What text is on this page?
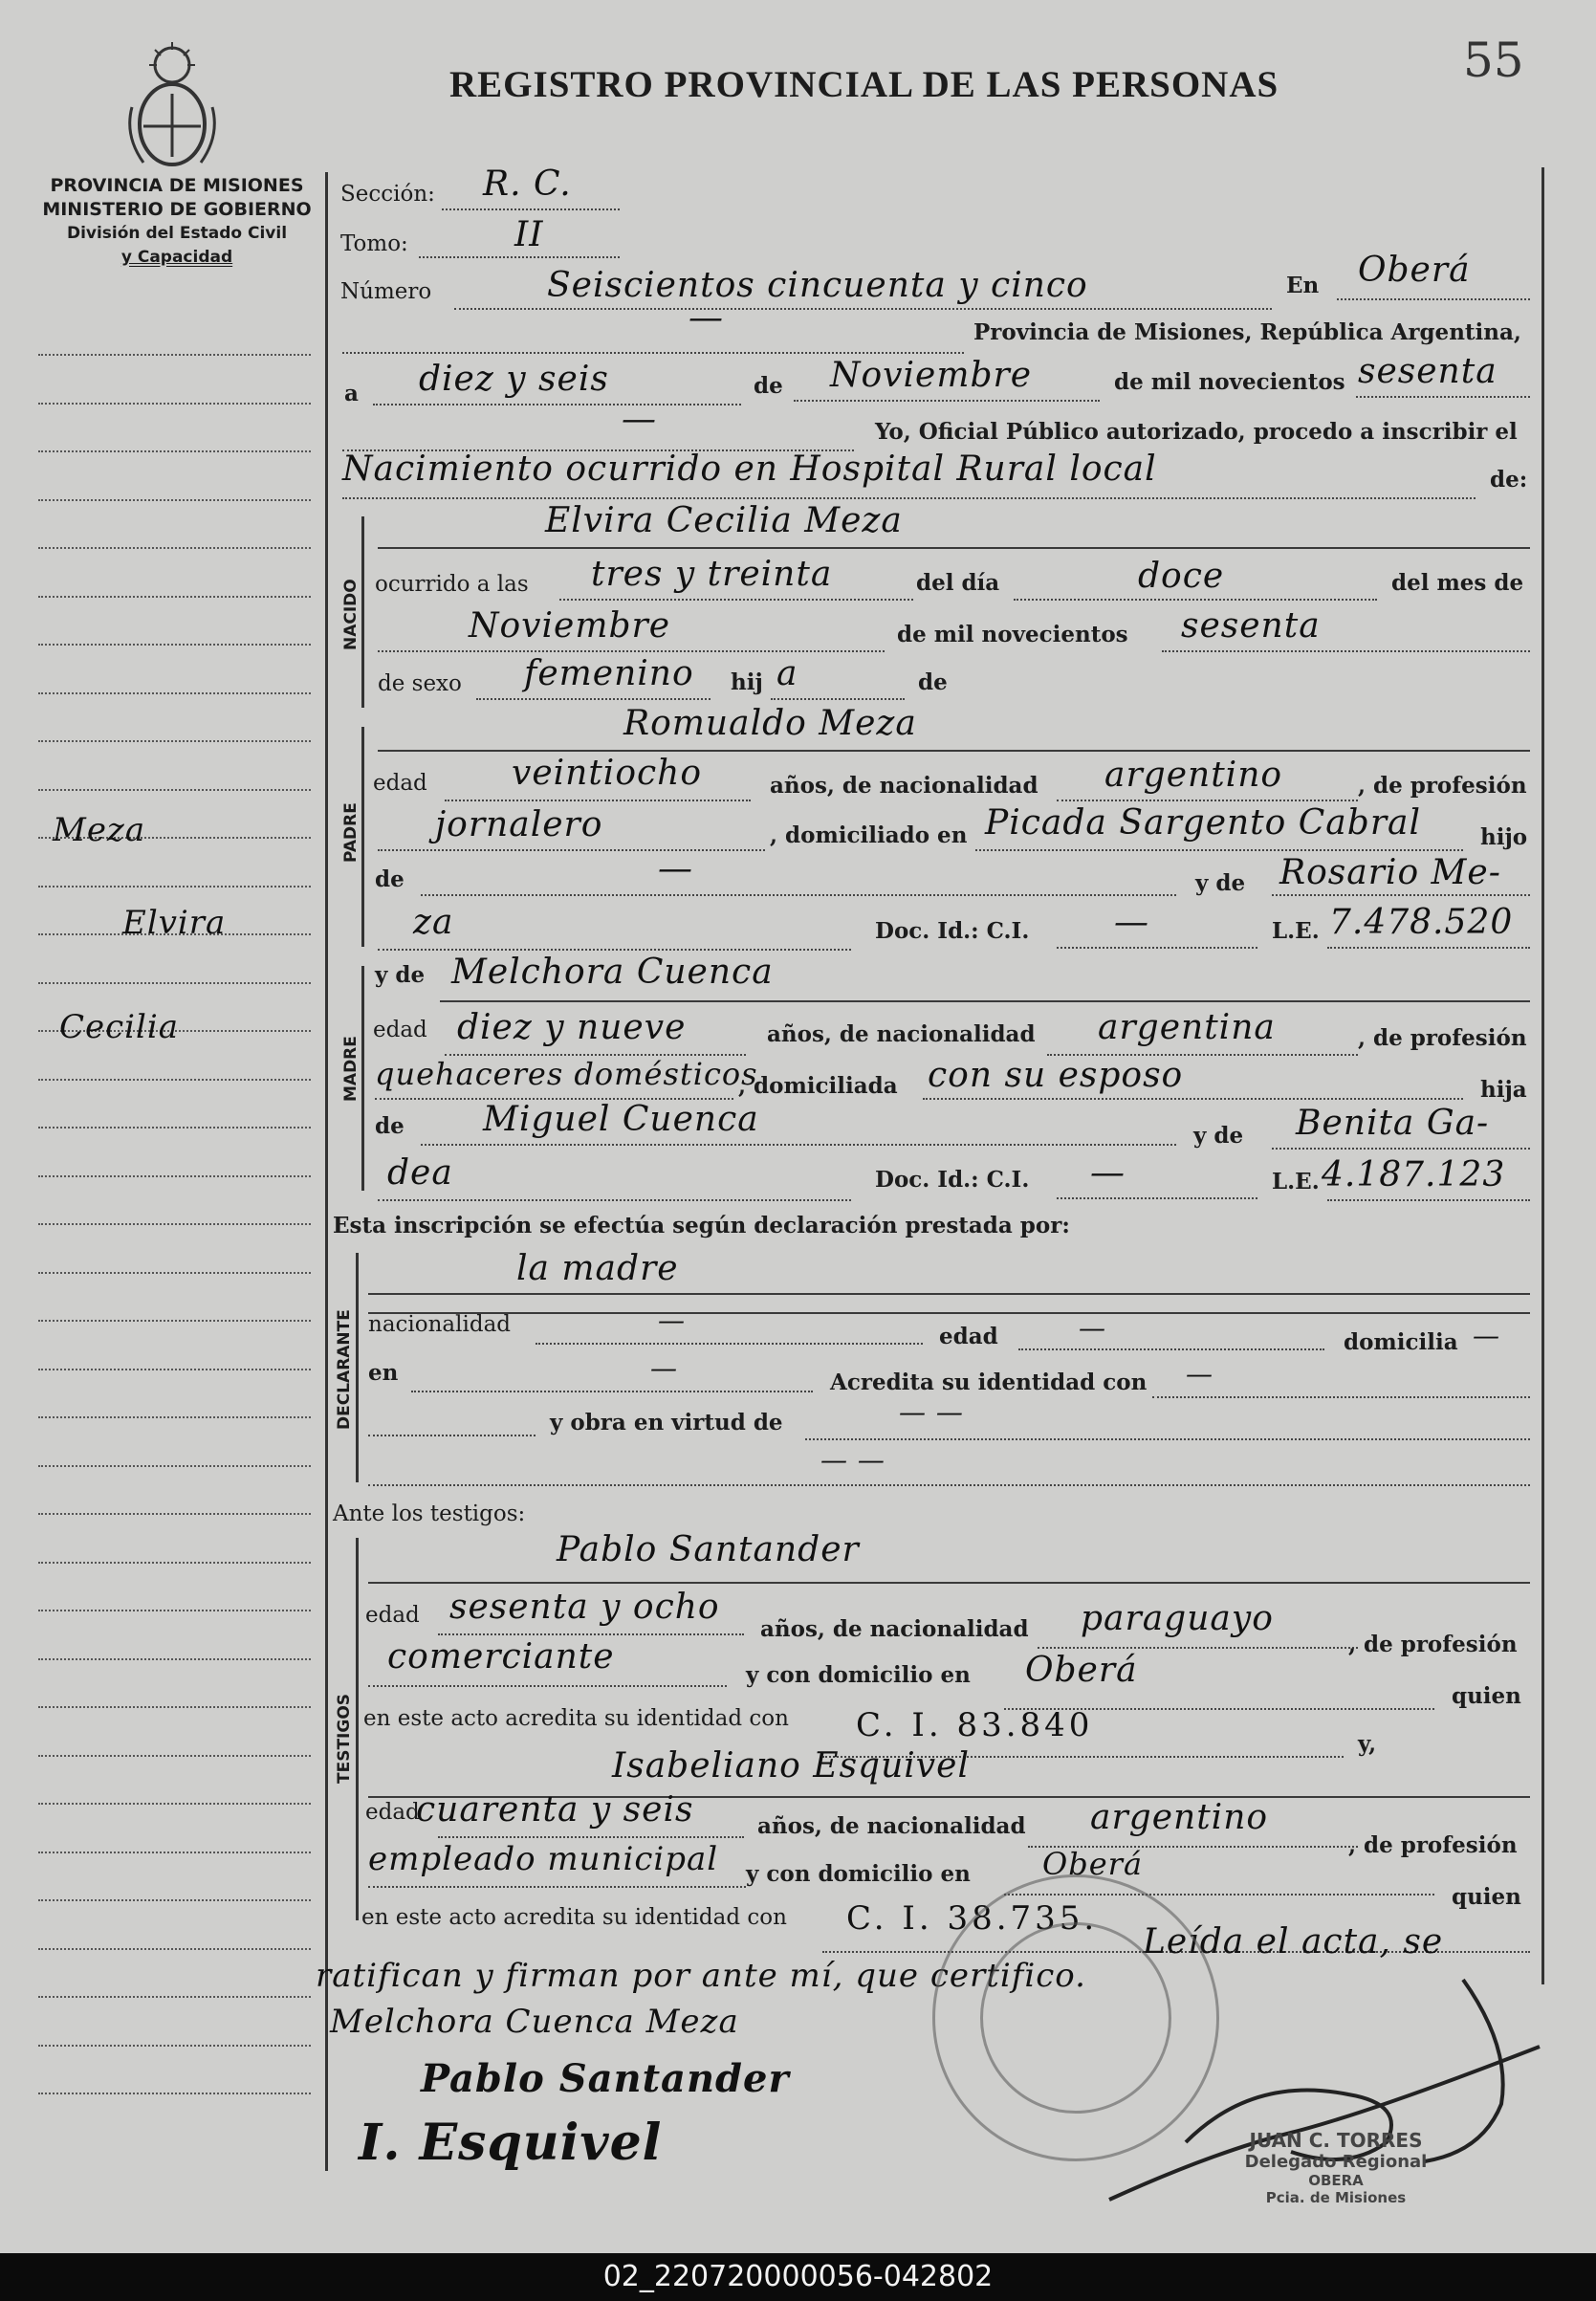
REGISTRO PROVINCIAL DE LAS PERSONAS	55
PROVINCIA DE MISIONES
MINISTERIO DE GOBIERNO
División del Estado Civil
y Capacidad
Meza
Elvira
Cecilia
Sección: R. C.
Tomo:	II
Número	Seiscientos cincuenta y cinco	En Oberá
—	Provincia de Misiones, República Argentina,
a diez y seis	de Noviembre	de mil novecientos sesenta
—	Yo, Oficial Público autorizado, procedo a inscribir el
Nacimiento ocurrido en Hospital Rural local	de:
NACIDO
Elvira Cecilia Meza
ocurrido a las tres y treinta	del día	doce	del mes de
Noviembre	de mil novecientos sesenta
de sexo femenino hij a	de
PADRE
Romualdo Meza
edad veintiocho	años, de nacionalidad argentino	, de profesión
jornalero	, domiciliado en Picada Sargento Cabral	hijo
de	—	y de Rosario Me-
za	Doc. Id.: C.I. —	L.E. 7.478.520
MADRE
y de Melchora Cuenca
edad diez y nueve	años, de nacionalidad argentina	, de profesión
quehaceres domésticos
, domiciliada con su esposo	hija
de Miguel Cuenca	y de Benita Ga-
dea	Doc. Id.: C.I. —	L.E. 4.187.123
Esta inscripción se efectúa según declaración prestada por:
DECLARANTE
la madre
nacionalidad	—
edad	—	domicilia —
en	—	Acredita su identidad con —
y obra en virtud de	— —
— —
Ante los testigos:
TESTIGOS
Pablo Santander
edad sesenta y ocho
años, de nacionalidad paraguayo
, de profesión
comerciante	y con domicilio en Oberá
quien
en este acto acredita su identidad con C. I. 83.840	y,
Isabeliano Esquivel
edad
cuarenta y seis	años, de nacionalidad argentino
, de profesión
empleado municipal y con domicilio en Oberá
quien
en este acto acredita su identidad con C. I. 38.735.
Leída el acta, se
ratifican y firman por ante mí, que certifico.
Melchora Cuenca Meza
Pablo Santander
I. Esquivel	JUAN C. TORRES
Delegado Regional
OBERA
Pcia. de Misiones
02_220720000056-042802
